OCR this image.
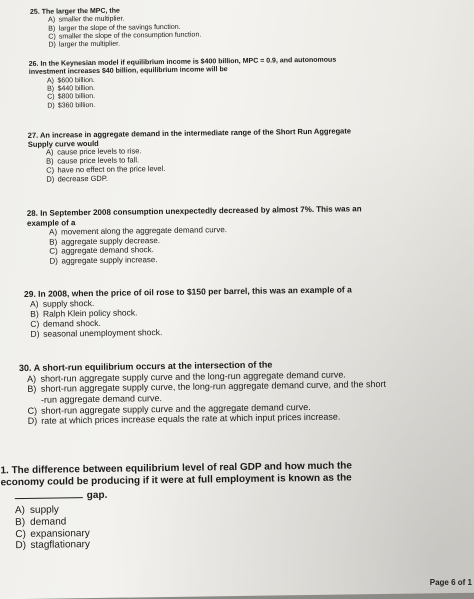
25. The larger the MPC, the

A) smaller the multiplier.
B) larger the slope of the savings function.
C) smaller the slope of the consumption function.
D) larger the multiplier.

26. In the Keynesian model if equilibrium income is $400 billion, MPC = 0.9, and autonomous investment increases $40 billion, equilibrium income will be

A) $600 billion.
B) $440 billion.
C) $800 billion.
D) $360 billion.

27. An increase in aggregate demand in the intermediate range of the Short Run Aggregate Supply curve would

A) cause price levels to rise.
B) cause price levels to fall.
C) have no effect on the price level.
D) decrease GDP.

28. In September 2008 consumption unexpectedly decreased by almost 7%. This was an example of a

A) movement along the aggregate demand curve.
B) aggregate supply decrease.
C) aggregate demand shock.
D) aggregate supply increase.

29. In 2008, when the price of oil rose to $150 per barrel, this was an example of a

A) supply shock.
B) Ralph Klein policy shock.
C) demand shock.
D) seasonal unemployment shock.

30. A short-run equilibrium occurs at the intersection of the

A) short-run aggregate supply curve and the long-run aggregate demand curve.
B) short-run aggregate supply curve, the long-run aggregate demand curve, and the short -run aggregate demand curve.
C) short-run aggregate supply curve and the aggregate demand curve.
D) rate at which prices increase equals the rate at which input prices increase.

1. The difference between equilibrium level of real GDP and how much the economy could be producing if it were at full employment is known as the

gap.
A) supply
B) demand
C) expansionary
D) stagflationary
Page 6 of 1
